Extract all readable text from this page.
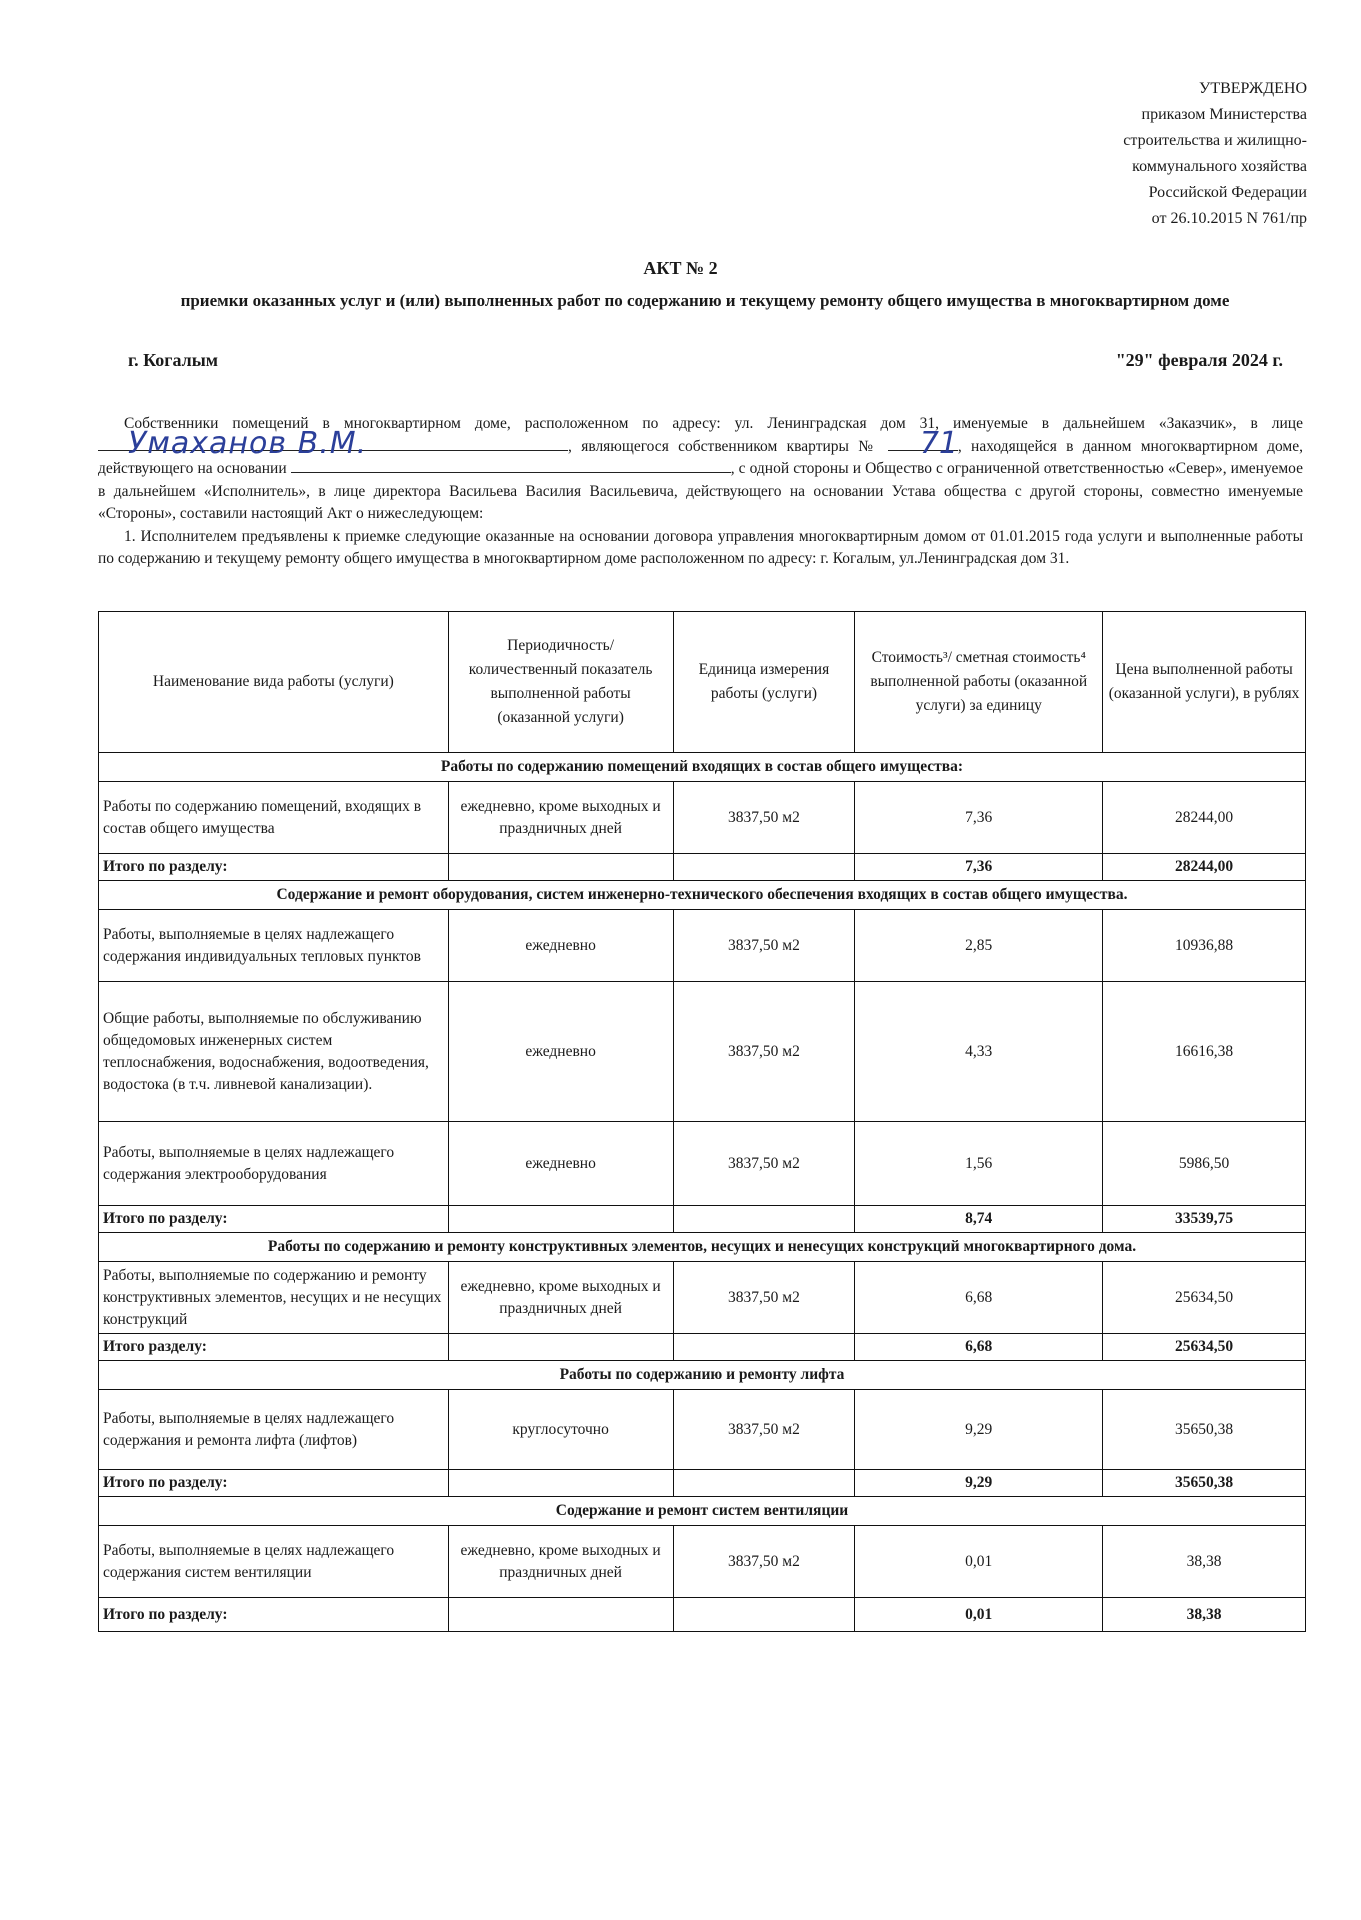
УТВЕРЖДЕНО
приказом Министерства
строительства и жилищно-
коммунального хозяйства
Российской Федерации
от 26.10.2015 N 761/пр
АКТ № 2
приемки оказанных услуг и (или) выполненных работ по содержанию и текущему ремонту общего имущества в многоквартирном доме
г. Когалым	"29" февраля 2024 г.

Собственники помещений в многоквартирном доме, расположенном по адресу: ул. Ленинградская дом 31, именуемые в дальнейшем «Заказчик», в лице
Умаханов В.М.	, являющегося собственником квартиры №	71 , находящейся в данном многоквартирном доме, действующего на основании	, с одной стороны и Общество с ограниченной ответственностью «Север», именуемое в дальнейшем «Исполнитель», в лице директора Васильева Василия Васильевича, действующего на основании Устава общества с другой стороны, совместно именуемые «Стороны», составили настоящий Акт о нижеследующем:

1. Исполнителем предъявлены к приемке следующие оказанные на основании договора управления многоквартирным домом от 01.01.2015 года услуги и выполненные работы по содержанию и текущему ремонту общего имущества в многоквартирном доме расположенном по адресу: г. Когалым, ул.Ленинградская дом 31.

Наименование вида работы (услуги)	Периодичность/ количественный показатель выполненной работы (оказанной услуги)	Единица измерения работы (услуги)	Стоимость³/ сметная стоимость⁴ выполненной работы (оказанной услуги) за единицу	Цена выполненной работы (оказанной услуги), в рублях
Работы по содержанию помещений входящих в состав общего имущества:				
Работы по содержанию помещений, входящих в состав общего имущества	ежедневно, кроме выходных и праздничных дней	3837,50 м2	7,36	28244,00
Итого по разделу:			7,36	28244,00
Содержание и ремонт оборудования, систем инженерно-технического обеспечения входящих в состав общего имущества.				
Работы, выполняемые в целях надлежащего содержания индивидуальных тепловых пунктов	ежедневно	3837,50 м2	2,85	10936,88
Общие работы, выполняемые по обслуживанию общедомовых инженерных систем теплоснабжения, водоснабжения, водоотведения, водостока (в т.ч. ливневой канализации).	ежедневно	3837,50 м2	4,33	16616,38
Работы, выполняемые в целях надлежащего содержания электрооборудования	ежедневно	3837,50 м2	1,56	5986,50
Итого по разделу:			8,74	33539,75
Работы по содержанию и ремонту конструктивных элементов, несущих и ненесущих конструкций многоквартирного дома.				
Работы, выполняемые по содержанию и ремонту конструктивных элементов, несущих и не несущих конструкций	ежедневно, кроме выходных и праздничных дней	3837,50 м2	6,68	25634,50
Итого разделу:			6,68	25634,50
Работы по содержанию и ремонту лифта				
Работы, выполняемые в целях надлежащего содержания и ремонта лифта (лифтов)	круглосуточно	3837,50 м2	9,29	35650,38
Итого по разделу:			9,29	35650,38
Содержание и ремонт систем вентиляции				
Работы, выполняемые в целях надлежащего содержания систем вентиляции	ежедневно, кроме выходных и праздничных дней	3837,50 м2	0,01	38,38
Итого по разделу:			0,01	38,38
